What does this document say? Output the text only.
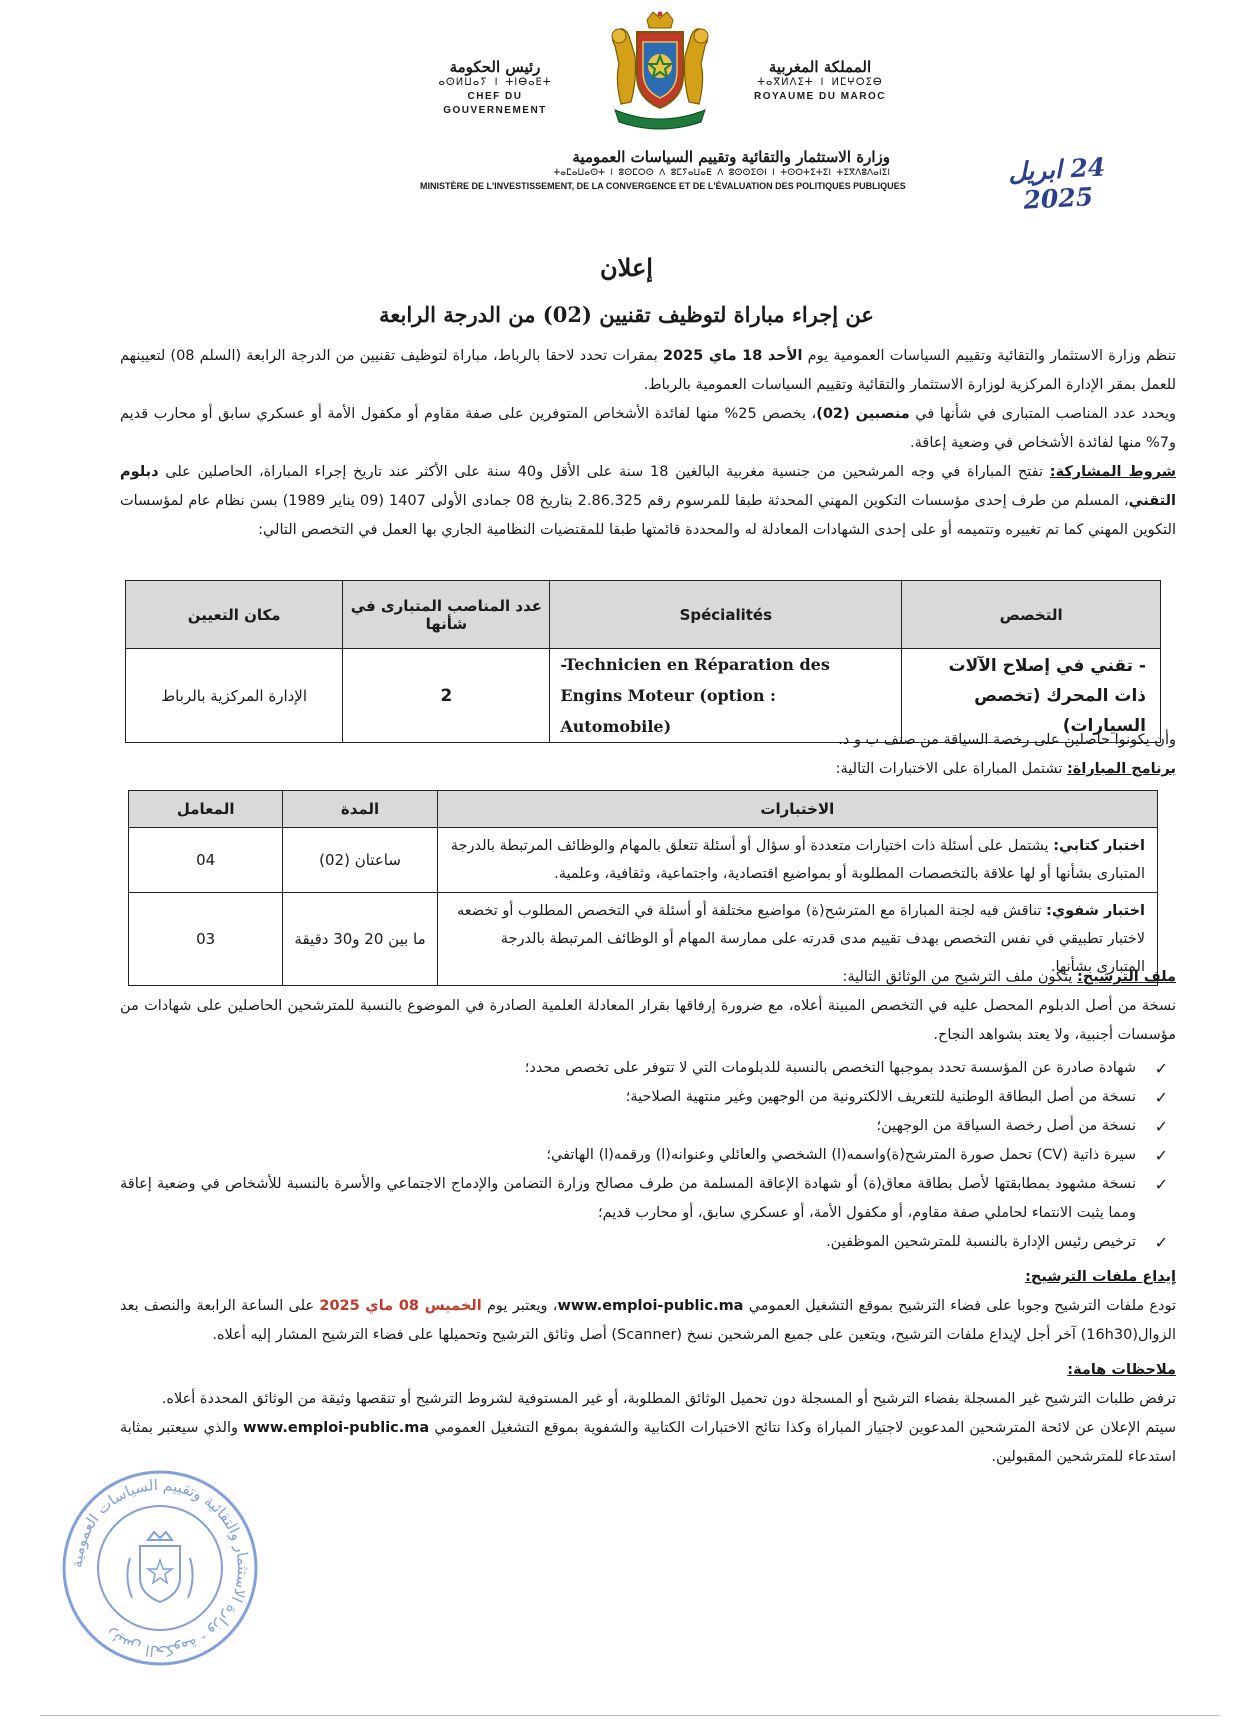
المملكة المغربية
ⵜⴰⴳⵍⴷⵉⵜ ⵏ ⵍⵎⵖⵔⵉⴱ
ROYAUME DU MAROC
رئيس الحكومة
ⴰⵙⵍⵡⴰⵢ ⵏ ⵜⵏⴱⴰⴹⵜ
CHEF DU GOUVERNEMENT
وزارة الاستثمار والتقائية وتقييم السياسات العمومية
ⵜⴰⵎⴰⵡⴰⵙⵜ ⵏ ⵓⵙⵎⵔⵙ ⴷ ⵓⵎⵢⴰⵡⴰⴹ ⴷ ⵓⵙⵙⵉⵙⵏ ⵏ ⵜⵙⵔⵜⵉⵜⵉⵏ ⵜⵉⴳⴷⵓⴷⴰⵏⵉⵏ
MINISTÈRE DE L'INVESTISSEMENT, DE LA CONVERGENCE ET DE L'ÉVALUATION DES POLITIQUES PUBLIQUES	24 ابريل 2025
إعلان
عن إجراء مباراة لتوظيف تقنيين (02) من الدرجة الرابعة

تنظم وزارة الاستثمار والتقائية وتقييم السياسات العمومية يوم الأحد 18 ماي 2025 بمقرات تحدد لاحقا بالرباط، مباراة لتوظيف تقنيين من الدرجة الرابعة (السلم 08) لتعيينهم للعمل بمقر الإدارة المركزية لوزارة الاستثمار والتقائية وتقييم السياسات العمومية بالرباط.

ويحدد عدد المناصب المتبارى في شأنها في منصبين (02)، يخصص 25% منها لفائدة الأشخاص المتوفرين على صفة مقاوم أو مكفول الأمة أو عسكري سابق أو محارب قديم و7% منها لفائدة الأشخاص في وضعية إعاقة.

شروط المشاركة: تفتح المباراة في وجه المرشحين من جنسية مغربية البالغين 18 سنة على الأقل و40 سنة على الأكثر عند تاريخ إجراء المباراة، الحاصلين على دبلوم التقني، المسلم من طرف إحدى مؤسسات التكوين المهني المحدثة طبقا للمرسوم رقم 2.86.325 بتاريخ 08 جمادى الأولى 1407 (09 يناير 1989) بسن نظام عام لمؤسسات التكوين المهني كما تم تغييره وتتميمه أو على إحدى الشهادات المعادلة له والمحددة قائمتها طبقا للمقتضيات النظامية الجاري بها العمل في التخصص التالي:

التخصص	Spécialités	عدد المناصب المتبارى في شأنها	مكان التعيين
- تقني في إصلاح الآلات ذات المحرك (تخصص السيارات)	-Technicien en Réparation des Engins Moteur (option : Automobile)	2	الإدارة المركزية بالرباط

وأن يكونوا حاصلين على رخصة السياقة من صنف ب و د.

برنامج المباراة: تشتمل المباراة على الاختبارات التالية:

الاختبارات	المدة	المعامل
اختبار كتابي: يشتمل على أسئلة ذات اختيارات متعددة أو سؤال أو أسئلة تتعلق بالمهام والوظائف المرتبطة بالدرجة المتبارى بشأنها أو لها علاقة بالتخصصات المطلوبة أو بمواضيع اقتصادية، واجتماعية، وثقافية، وعلمية.	ساعتان (02)	04
اختبار شفوي: تناقش فيه لجنة المباراة مع المترشح(ة) مواضيع مختلفة أو أسئلة في التخصص المطلوب أو تخضعه لاختبار تطبيقي في نفس التخصص بهدف تقييم مدى قدرته على ممارسة المهام أو الوظائف المرتبطة بالدرجة المتبارى بشأنها.	ما بين 20 و30 دقيقة	03

ملف الترشيح: يتكون ملف الترشيح من الوثائق التالية:

نسخة من أصل الدبلوم المحصل عليه في التخصص المبينة أعلاه، مع ضرورة إرفاقها بقرار المعادلة العلمية الصادرة في الموضوع بالنسبة للمترشحين الحاصلين على شهادات من مؤسسات أجنبية، ولا يعتد بشواهد النجاح.

✓
شهادة صادرة عن المؤسسة تحدد بموجبها التخصص بالنسبة للدبلومات التي لا تتوفر على تخصص محدد؛
✓
نسخة من أصل البطاقة الوطنية للتعريف الالكترونية من الوجهين وغير منتهية الصلاحية؛
✓
نسخة من أصل رخصة السياقة من الوجهين؛
✓
سيرة ذاتية (CV) تحمل صورة المترشح(ة)واسمه(ا) الشخصي والعائلي وعنوانه(ا) ورقمه(ا) الهاتفي؛
✓
نسخة مشهود بمطابقتها لأصل بطاقة معاق(ة) أو شهادة الإعاقة المسلمة من طرف مصالح وزارة التضامن والإدماج الاجتماعي والأسرة بالنسبة للأشخاص في وضعية إعاقة ومما يثبت الانتماء لحاملي صفة مقاوم، أو مكفول الأمة، أو عسكري سابق، أو محارب قديم؛
✓
ترخيص رئيس الإدارة بالنسبة للمترشحين الموظفين.

إيداع ملفات الترشيح:

تودع ملفات الترشيح وجوبا على فضاء الترشيح بموقع التشغيل العمومي www.emploi-public.ma، ويعتبر يوم الخميس 08 ماي 2025 على الساعة الرابعة والنصف بعد الزوال(16h30) آخر أجل لإيداع ملفات الترشيح، ويتعين على جميع المرشحين نسخ (Scanner) أصل وثائق الترشيح وتحميلها على فضاء الترشيح المشار إليه أعلاه.

ملاحظات هامة:

ترفض طلبات الترشيح غير المسجلة بفضاء الترشيح أو المسجلة دون تحميل الوثائق المطلوبة، أو غير المستوفية لشروط الترشيح أو تنقصها وثيقة من الوثائق المحددة أعلاه.

سيتم الإعلان عن لائحة المترشحين المدعوين لاجتياز المباراة وكذا نتائج الاختبارات الكتابية والشفوية بموقع التشغيل العمومي www.emploi-public.ma والذي سيعتبر بمثابة استدعاء للمترشحين المقبولين.

رئيس الحكومة - وزارة الاستثمار والتقائية وتقييم السياسات العمومية
